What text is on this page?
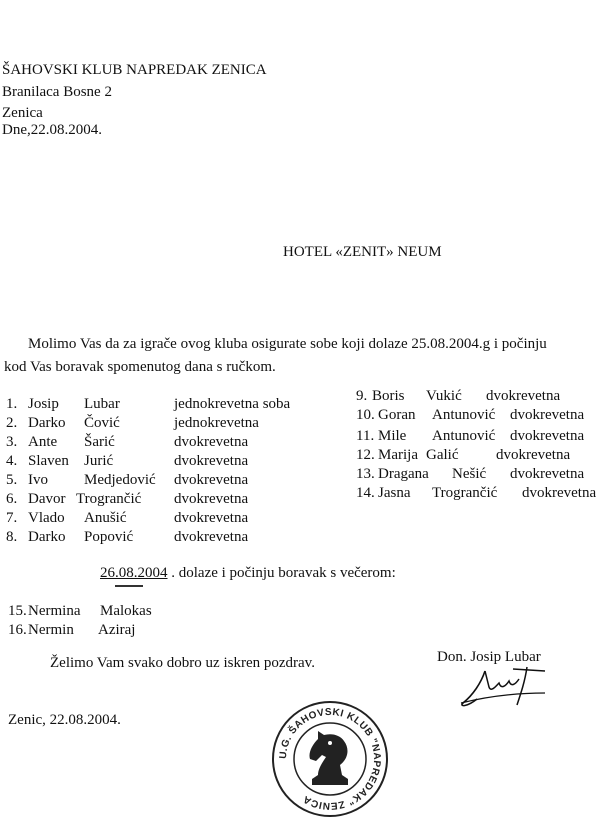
ŠAHOVSKI KLUB NAPREDAK ZENICA
Branilaca Bosne 2
Zenica
Dne,22.08.2004.
HOTEL «ZENIT» NEUM
Molimo Vas da za igrače ovog kluba osigurate sobe koji dolaze 25.08.2004.g i počinju
kod Vas boravak spomenutog dana s ručkom.
1. Josip Lubar	jednokrevetna soba
2. Darko Čović	jednokrevetna
3. Ante Šarić	dvokrevetna
4. Slaven Jurić	dvokrevetna
5. Ivo Medjedović dvokrevetna
6. Davor Trogrančić dvokrevetna
7. Vlado Anušić	dvokrevetna
8. Darko Popović	dvokrevetna
9. Boris Vukić dvokrevetna
10. Goran Antunović dvokrevetna
11. Mile Antunović dvokrevetna
12. Marija Galić	dvokrevetna
13. Dragana Nešić dvokrevetna
14. Jasna Trogrančić dvokrevetna
26.08.2004 . dolaze i počinju boravak s večerom:
15. Nermina Malokas
16. Nermin Aziraj
Želimo Vam svako dobro uz iskren pozdrav.	Don. Josip Lubar
Zenic, 22.08.2004.
U.G. ŠAHOVSKI KLUB "NAPREDAK" ZENICA
